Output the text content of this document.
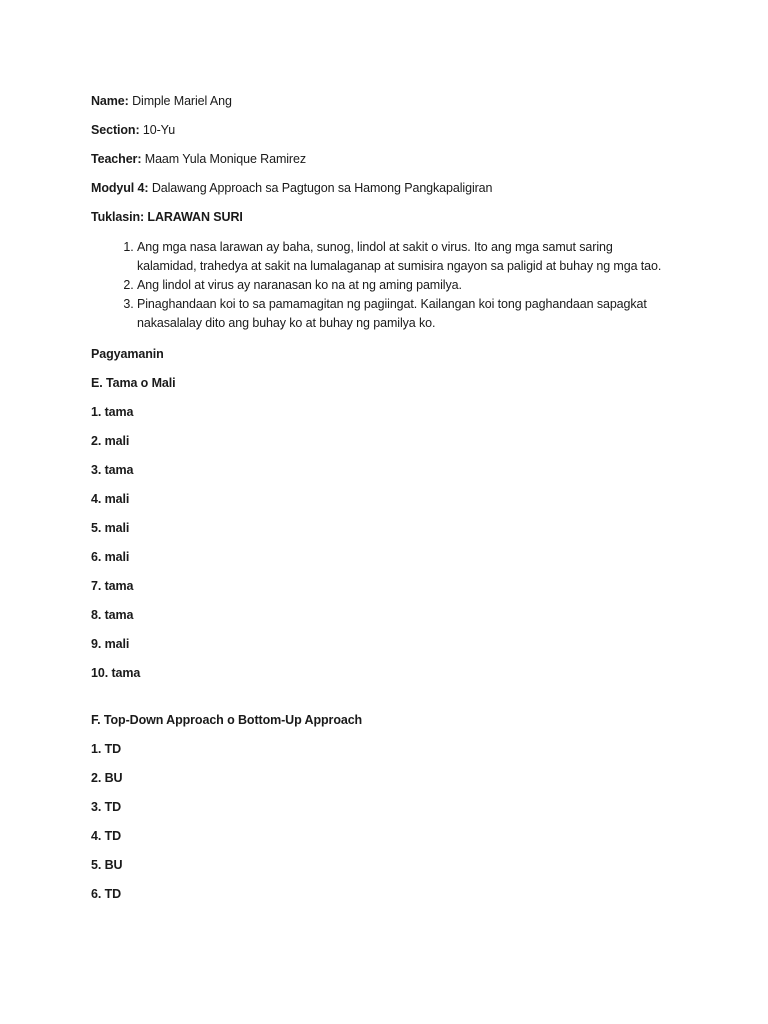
Name: Dimple Mariel Ang
Section: 10-Yu
Teacher: Maam Yula Monique Ramirez
Modyul 4: Dalawang Approach sa Pagtugon sa Hamong Pangkapaligiran
Tuklasin: LARAWAN SURI
1. Ang mga nasa larawan ay baha, sunog, lindol at sakit o virus. Ito ang mga samut saring kalamidad, trahedya at sakit na lumalaganap at sumisira ngayon sa paligid at buhay ng mga tao.
2. Ang lindol at virus ay naranasan ko na at ng aming pamilya.
3. Pinaghandaan koi to sa pamamagitan ng pagiingat. Kailangan koi tong paghandaan sapagkat nakasalalay dito ang buhay ko at buhay ng pamilya ko.
Pagyamanin
E. Tama o Mali
1. tama
2. mali
3. tama
4. mali
5. mali
6. mali
7. tama
8. tama
9. mali
10. tama
F. Top-Down Approach o Bottom-Up Approach
1. TD
2. BU
3. TD
4. TD
5. BU
6. TD
